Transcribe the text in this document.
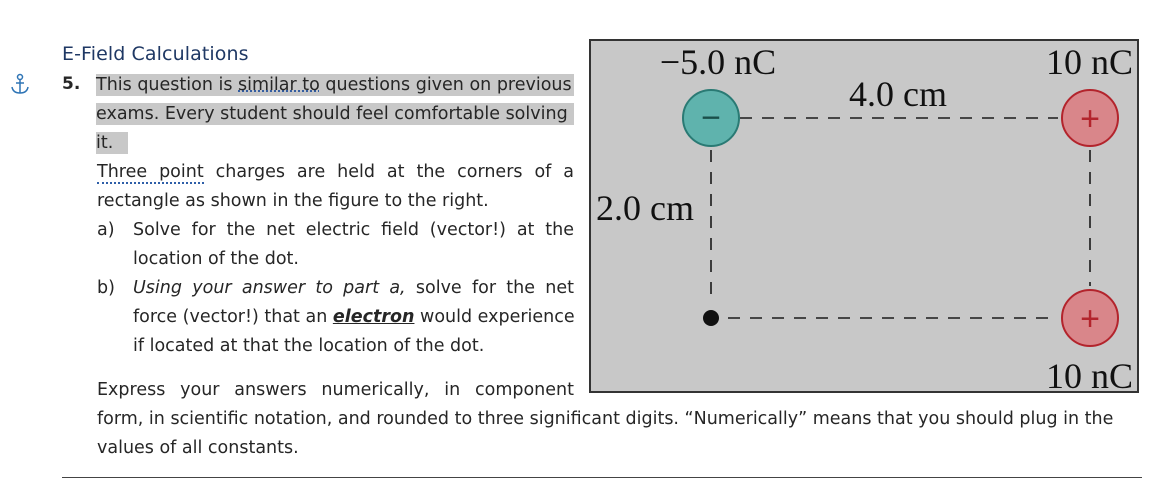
E-Field Calculations
5. This question is similar to questions given on previous
exams. Every student should feel comfortable solving
it.
Three point charges are held at the corners of a
rectangle as shown in the figure to the right.
a) Solve for the net electric field (vector!) at the
location of the dot.
b) Using your answer to part a, solve for the net
force (vector!) that an electron would experience
if located at that the location of the dot.
Express your answers numerically, in component
form, in scientific notation, and rounded to three significant digits. “Numerically” means that you should plug in the
values of all constants.
−	+
+
−5.0 nC	10 nC
10 nC
4.0 cm
2.0 cm
